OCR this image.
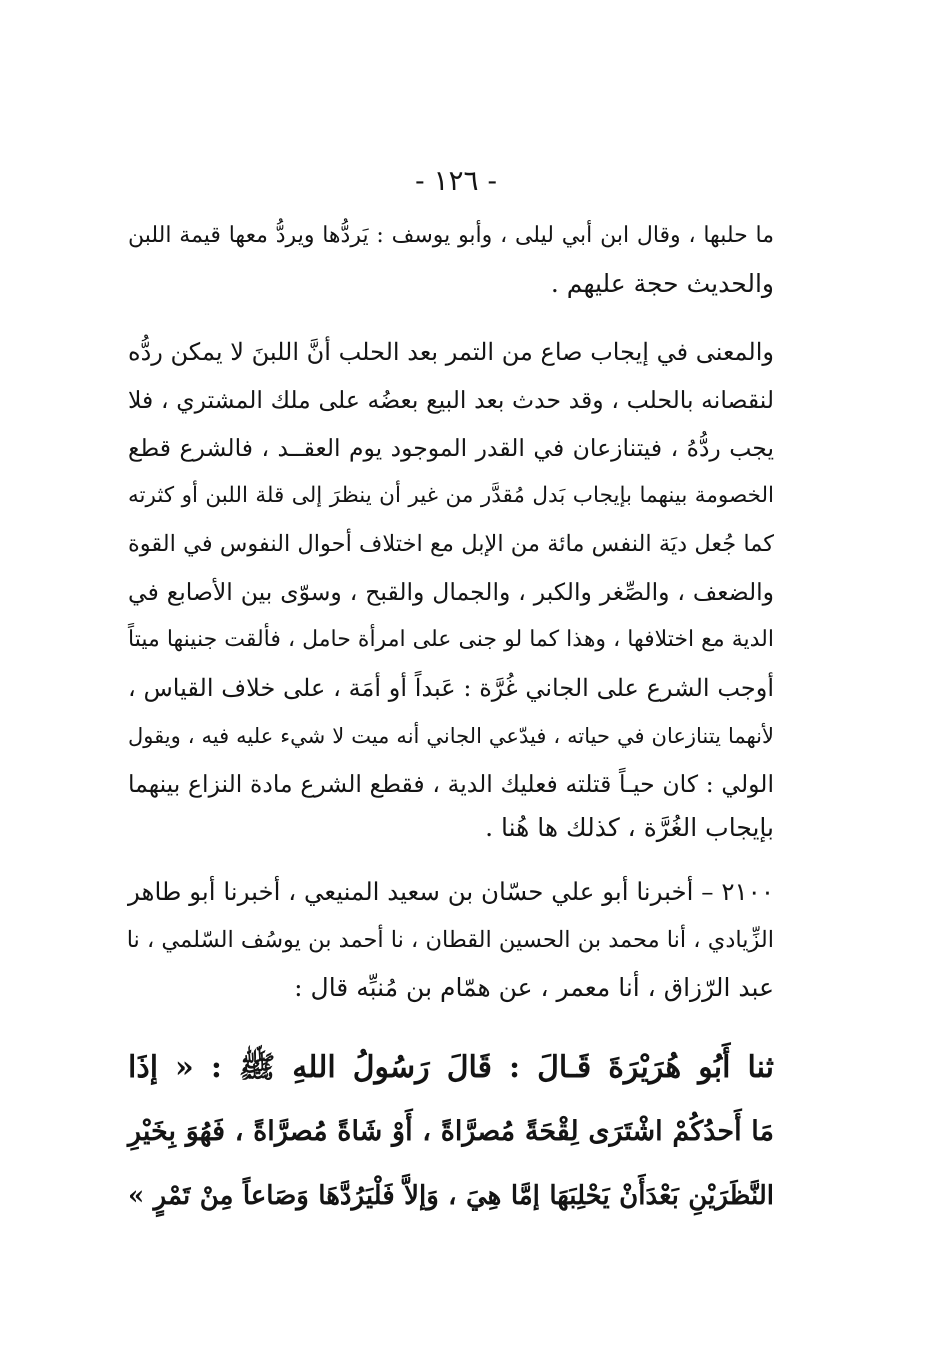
- ١٢٦ -
ما حلبها ، وقال ابن أبي ليلى ، وأبو يوسف : يَردُّها ويردُّ معها قيمة اللبن
والحديث حجة عليهم .
والمعنى في إيجاب صاع من التمر بعد الحلب أنَّ اللبنَ لا يمكن ردُّه
لنقصانه بالحلب ، وقد حدث بعد البيع بعضُه على ملك المشتري ، فلا
يجب ردُّهُ ، فيتنازعان في القدر الموجود يوم العقــد ، فالشرع قطع
الخصومة بينهما بإيجاب بَدل مُقدَّر من غير أن ينظرَ إلى قلة اللبن أو كثرته
كما جُعل ديَة النفس مائة من الإبل مع اختلاف أحوال النفوس في القوة
والضعف ، والصِّغر والكبر ، والجمال والقبح ، وسوّى بين الأصابع في
الدية مع اختلافها ، وهذا كما لو جنى على امرأة حامل ، فألقت جنينها ميتاً
أوجب الشرع على الجاني غُرَّة : عَبداً أو أمَة ، على خلاف القياس ،
لأنهما يتنازعان في حياته ، فيدّعي الجاني أنه ميت لا شيء عليه فيه ، ويقول
الولي : كان حيـاً قتلته فعليك الدية ، فقطع الشرع مادة النزاع بينهما
بإيجاب الغُرَّة ، كذلك ها هُنا .
٢١٠٠ – أخبرنا أبو علي حسّان بن سعيد المنيعي ، أخبرنا أبو طاهر
الزِّيادي ، أنا محمد بن الحسين القطان ، نا أحمد بن يوسُف السّلمي ، نا
عبد الرّزاق ، أنا معمر ، عن همّام بن مُنبِّه قال :
ثنا أَبُو هُرَيْرَةَ قَـالَ : قَالَ رَسُولُ اللهِ ﷺ : « إذَا
مَا أَحدُكُمْ اشْتَرَى لِقْحَةً مُصرَّاةً ، أَوْ شَاةً مُصرَّاةً ، فَهُوَ بِخَيْرِ
النَّظَرَيْنِ بَعْدَأَنْ يَحْلِبَهَا إمَّا هِيَ ، وَإلاَّ فَلْيَرُدَّهَا وَصَاعاً مِنْ تَمْرٍ »
